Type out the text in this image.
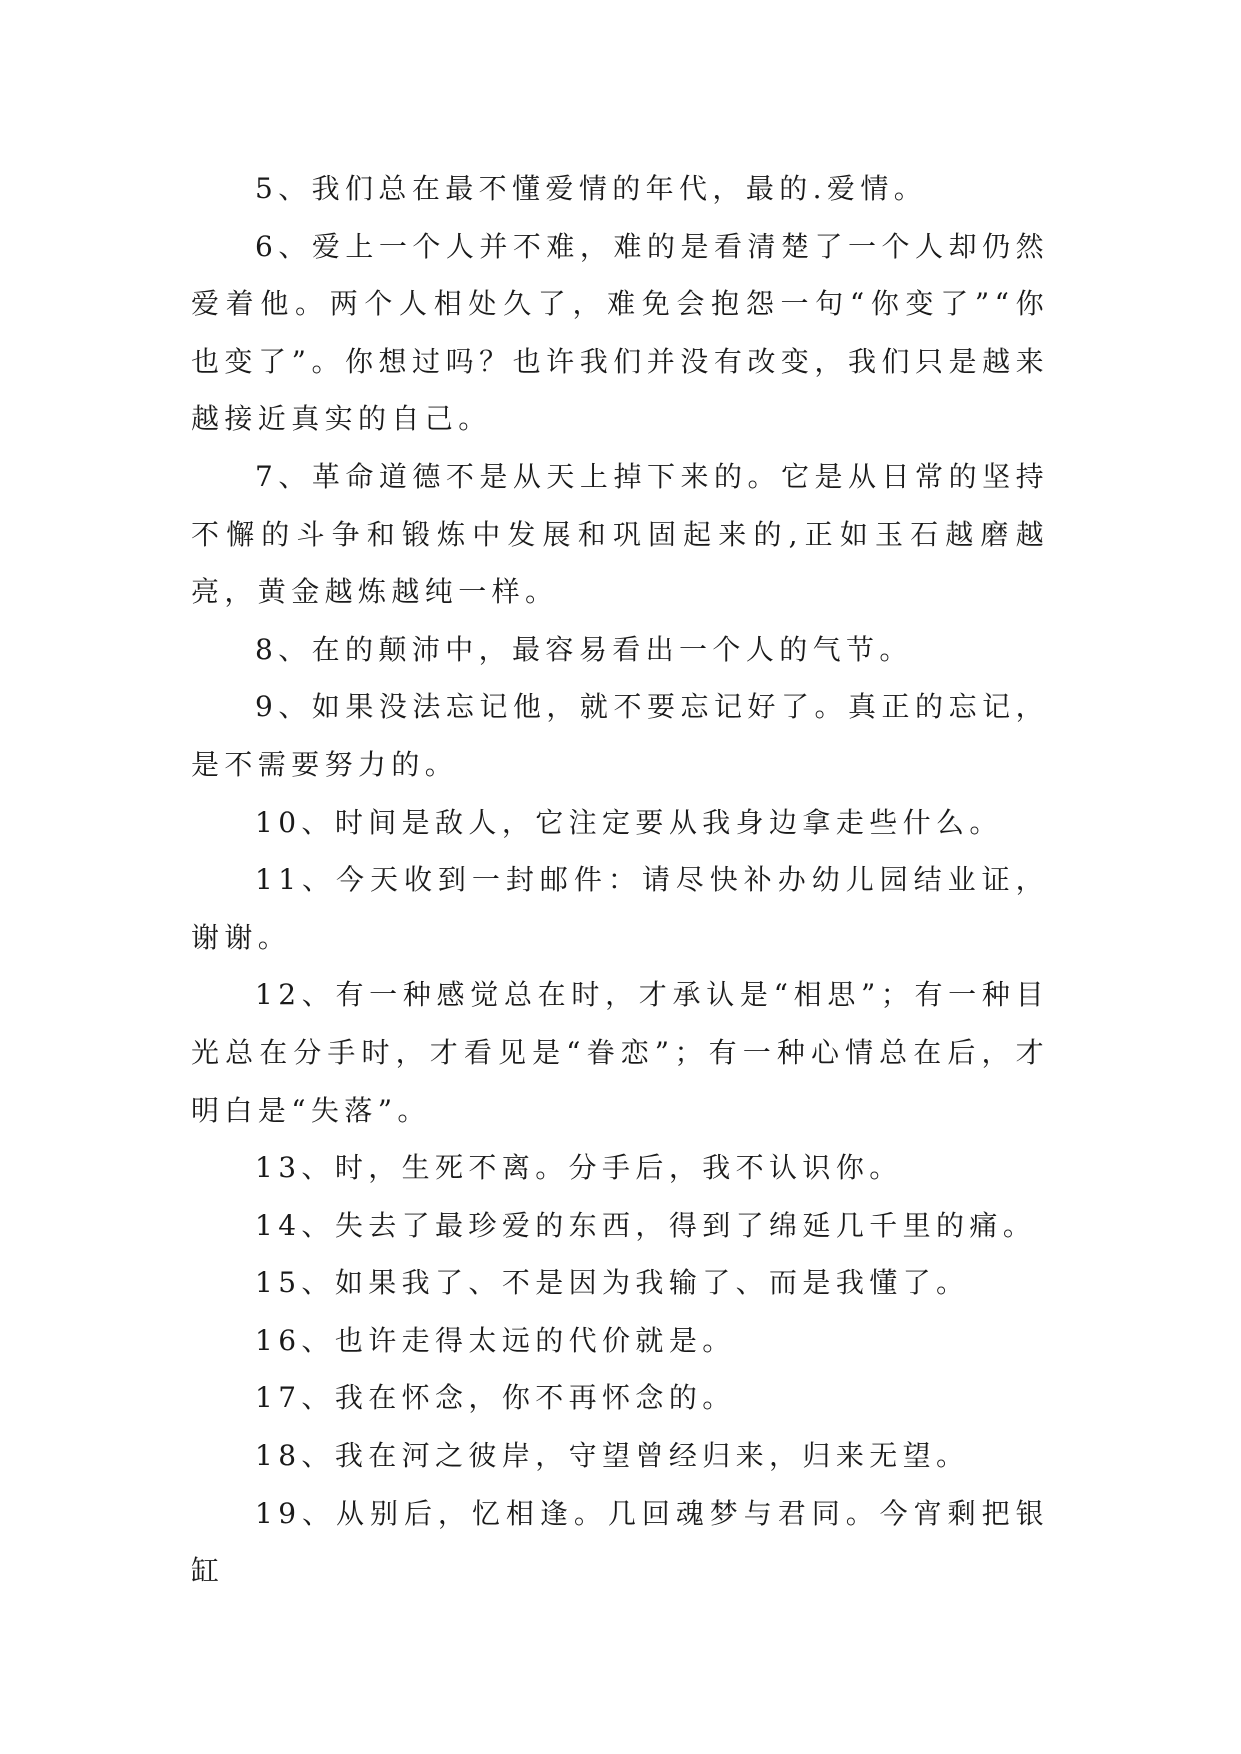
5、我们总在最不懂爱情的年代，最的.爱情。

6、爱上一个人并不难，难的是看清楚了一个人却仍然爱着他。两个人相处久了，难免会抱怨一句“你变了”“你也变了”。你想过吗？也许我们并没有改变，我们只是越来越接近真实的自己。

7、革命道德不是从天上掉下来的。它是从日常的坚持不懈的斗争和锻炼中发展和巩固起来的,正如玉石越磨越亮，黄金越炼越纯一样。

8、在的颠沛中，最容易看出一个人的气节。

9、如果没法忘记他，就不要忘记好了。真正的忘记，是不需要努力的。

10、时间是敌人，它注定要从我身边拿走些什么。

11、今天收到一封邮件：请尽快补办幼儿园结业证，谢谢。

12、有一种感觉总在时，才承认是“相思”；有一种目光总在分手时，才看见是“眷恋”；有一种心情总在后，才明白是“失落”。

13、时，生死不离。分手后，我不认识你。

14、失去了最珍爱的东西，得到了绵延几千里的痛。

15、如果我了、不是因为我输了、而是我懂了。

16、也许走得太远的代价就是。

17、我在怀念，你不再怀念的。

18、我在河之彼岸，守望曾经归来，归来无望。

19、从别后，忆相逢。几回魂梦与君同。今宵剩把银缸
